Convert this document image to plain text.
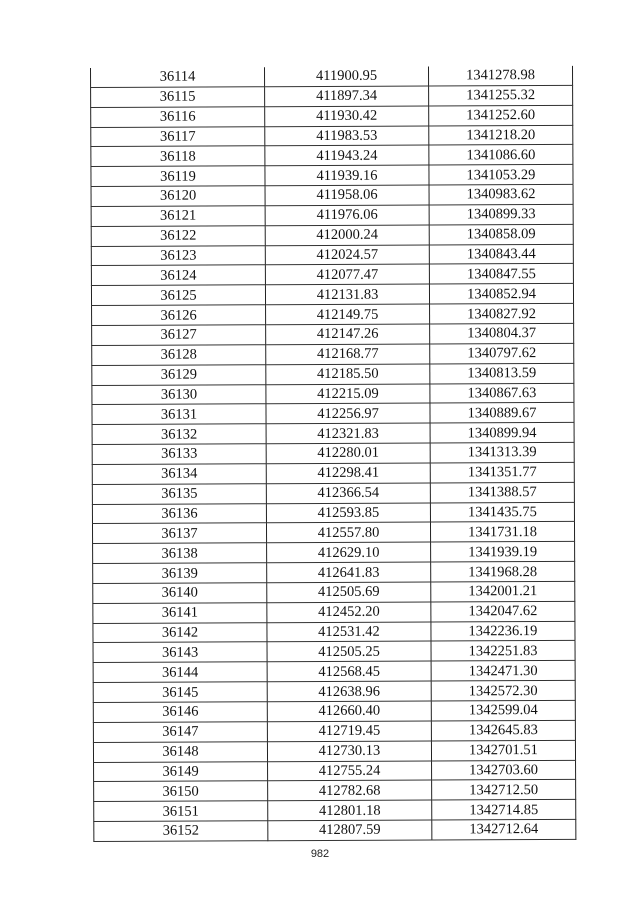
36114	411900.95	1341278.98
36115	411897.34	1341255.32
36116	411930.42	1341252.60
36117	411983.53	1341218.20
36118	411943.24	1341086.60
36119	411939.16	1341053.29
36120	411958.06	1340983.62
36121	411976.06	1340899.33
36122	412000.24	1340858.09
36123	412024.57	1340843.44
36124	412077.47	1340847.55
36125	412131.83	1340852.94
36126	412149.75	1340827.92
36127	412147.26	1340804.37
36128	412168.77	1340797.62
36129	412185.50	1340813.59
36130	412215.09	1340867.63
36131	412256.97	1340889.67
36132	412321.83	1340899.94
36133	412280.01	1341313.39
36134	412298.41	1341351.77
36135	412366.54	1341388.57
36136	412593.85	1341435.75
36137	412557.80	1341731.18
36138	412629.10	1341939.19
36139	412641.83	1341968.28
36140	412505.69	1342001.21
36141	412452.20	1342047.62
36142	412531.42	1342236.19
36143	412505.25	1342251.83
36144	412568.45	1342471.30
36145	412638.96	1342572.30
36146	412660.40	1342599.04
36147	412719.45	1342645.83
36148	412730.13	1342701.51
36149	412755.24	1342703.60
36150	412782.68	1342712.50
36151	412801.18	1342714.85
36152	412807.59	1342712.64
982
